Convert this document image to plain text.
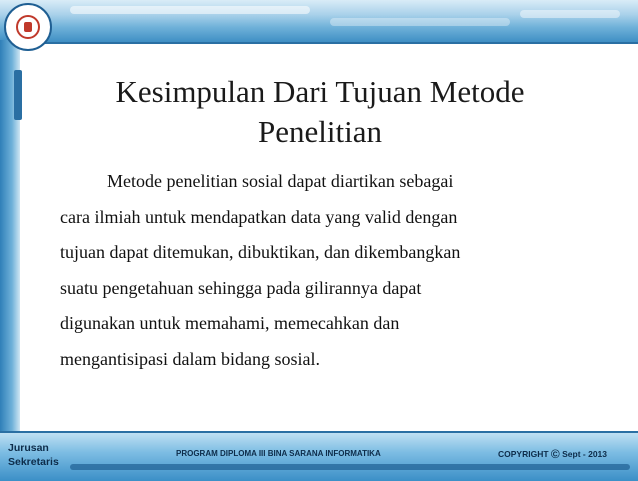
Kesimpulan Dari Tujuan Metode
Penelitian
Metode penelitian sosial dapat diartikan sebagai
cara ilmiah untuk mendapatkan data yang valid dengan
tujuan dapat ditemukan, dibuktikan, dan dikembangkan
suatu pengetahuan sehingga pada gilirannya dapat
digunakan untuk memahami, memecahkan dan
mengantisipasi dalam bidang sosial.
Jurusan
Sekretaris
PROGRAM DIPLOMA III BINA SARANA INFORMATIKA	COPYRIGHT © Sept - 2013
